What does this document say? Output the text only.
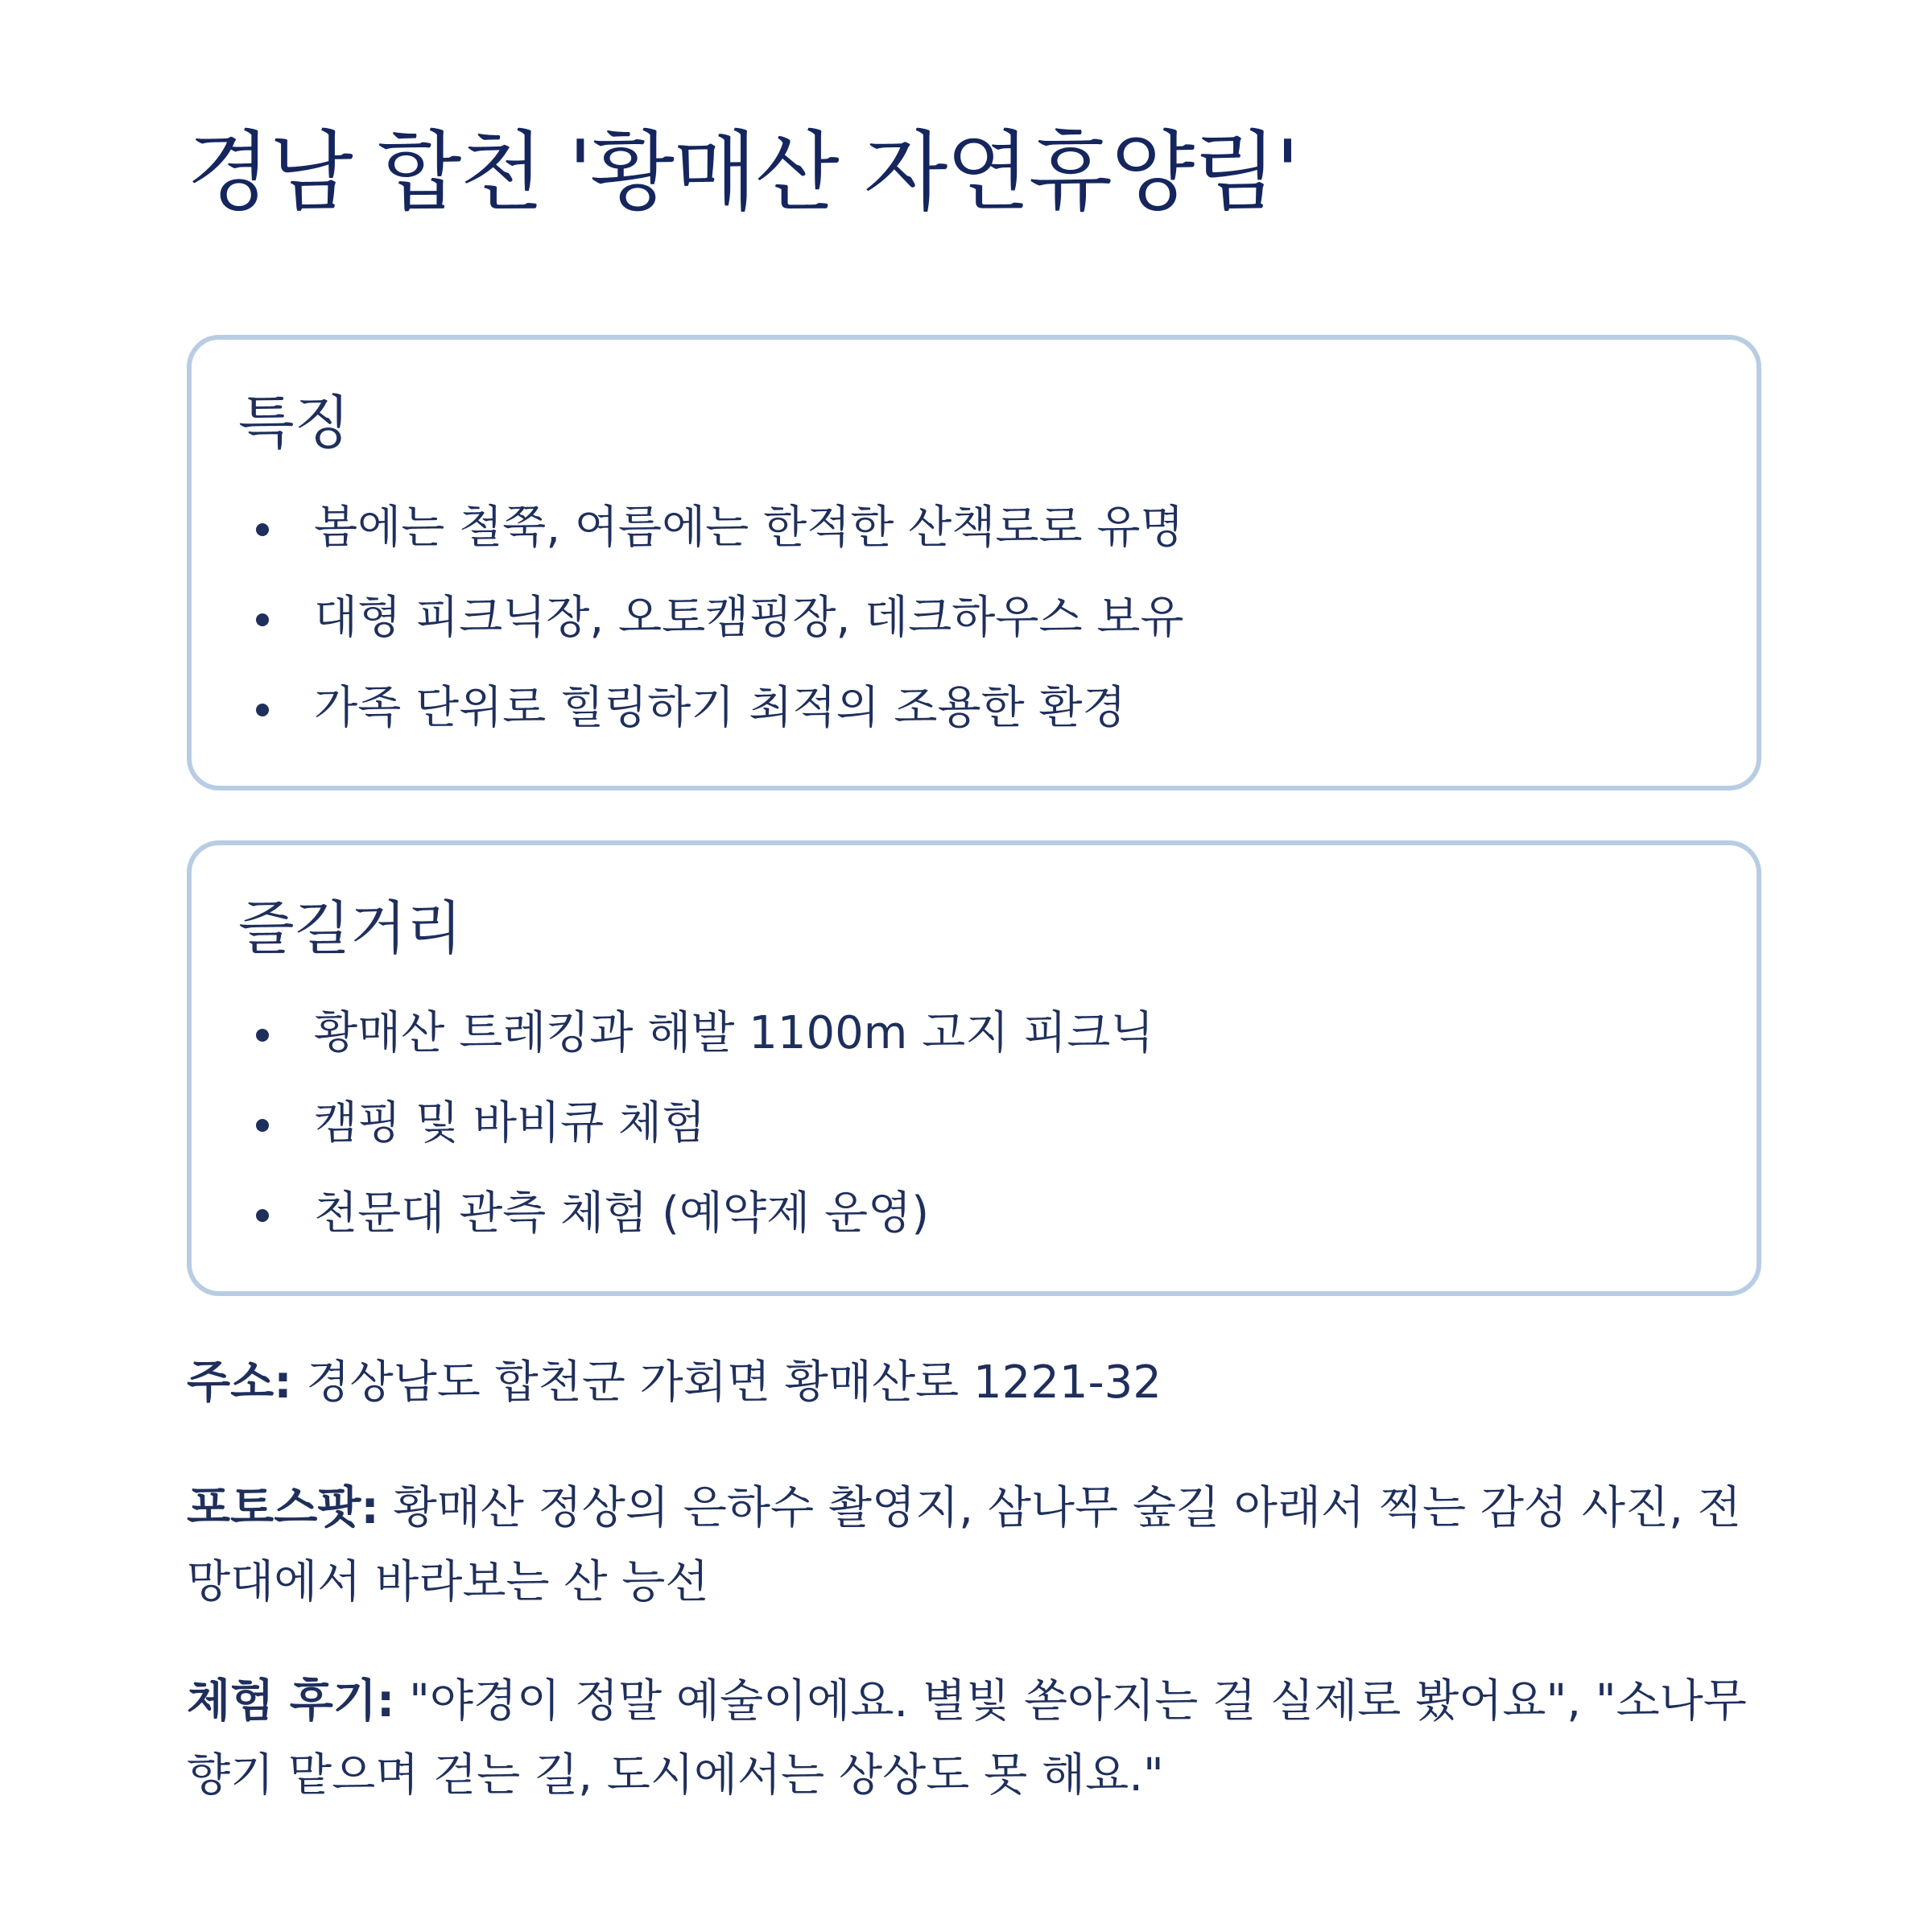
경남 합천 '황매산 자연휴양림'
특징
봄에는 철쭉, 여름에는 한적한 산책로로 유명
대형 피크닉장, 오토캠핑장, 데크하우스 보유
가족 단위로 힐링하기 최적의 조용한 환경
즐길거리
황매산 트레킹과 해발 1100m 고지 피크닉
캠핑 및 바비큐 체험
천문대 관측 체험 (예약제 운영)

주소: 경상남도 합천군 가회면 황매산로 1221-32

포토스팟: 황매산 정상의 은하수 촬영지, 삼나무 숲길 아래서 찍는 감성 사진, 전망대에서 바라보는 산 능선

체험 후기: "야경이 정말 예술이에요. 별빛 쏟아지는 걸 실제로 봤어요", "소나무 향기 맡으며 걷는 길, 도시에서는 상상도 못 해요."
